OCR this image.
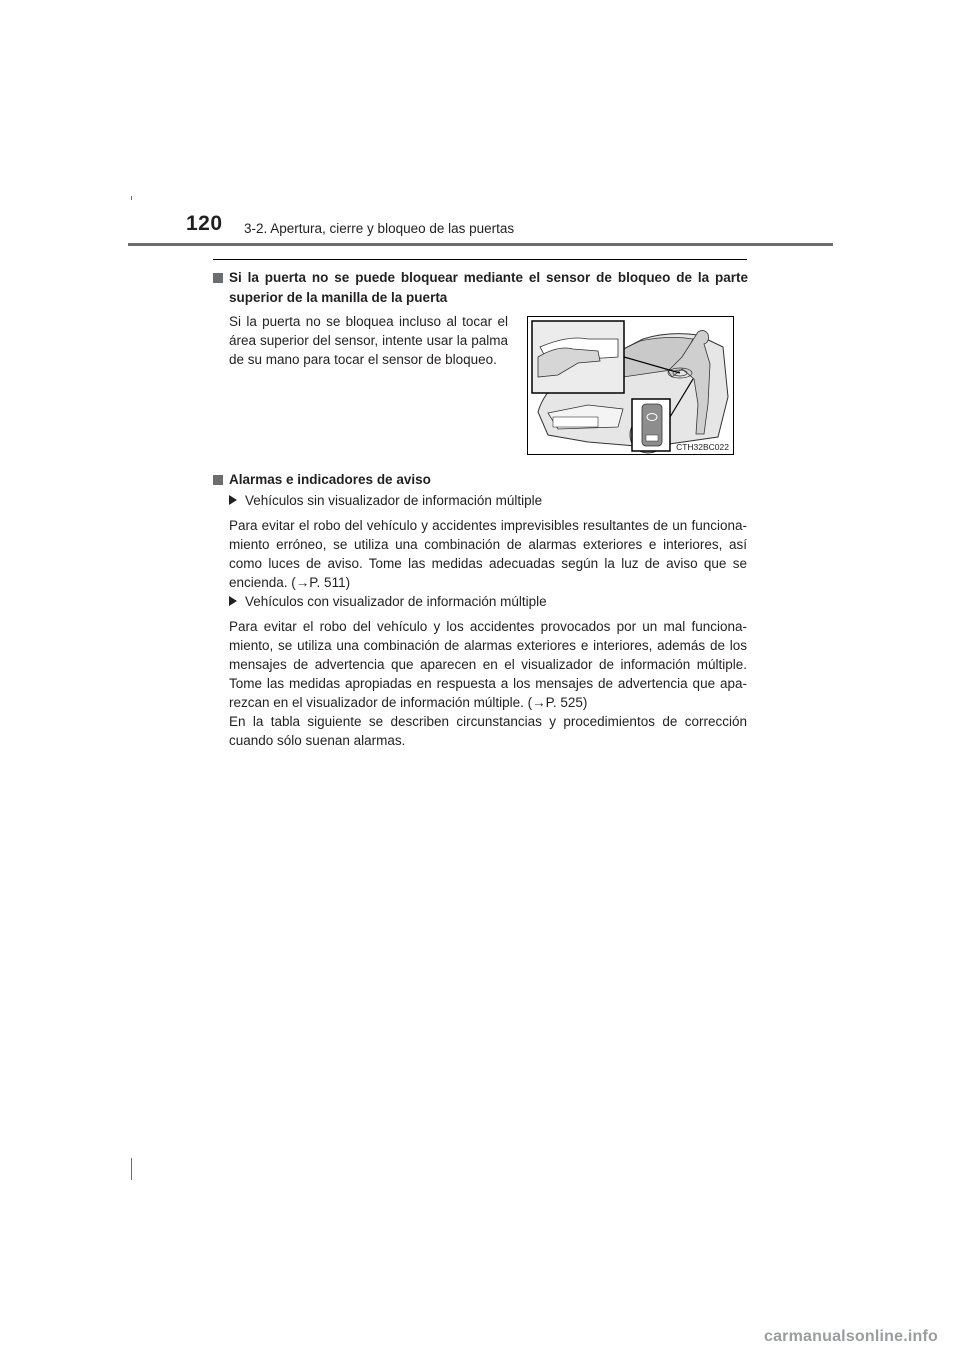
120 3-2. Apertura, cierre y bloqueo de las puertas
Si la puerta no se puede bloquear mediante el sensor de bloqueo de la parte superior de la manilla de la puerta
Si la puerta no se bloquea incluso al tocar el área superior del sensor, intente usar la palma de su mano para tocar el sensor de bloqueo.
CTH32BC022
Alarmas e indicadores de aviso
Vehículos sin visualizador de información múltiple
Para evitar el robo del vehículo y accidentes imprevisibles resultantes de un funciona-miento erróneo, se utiliza una combinación de alarmas exteriores e interiores, así como luces de aviso. Tome las medidas adecuadas según la luz de aviso que se encienda. (→P. 511)
Vehículos con visualizador de información múltiple
Para evitar el robo del vehículo y los accidentes provocados por un mal funciona-miento, se utiliza una combinación de alarmas exteriores e interiores, además de los mensajes de advertencia que aparecen en el visualizador de información múltiple. Tome las medidas apropiadas en respuesta a los mensajes de advertencia que apa-rezcan en el visualizador de información múltiple. (→P. 525)
En la tabla siguiente se describen circunstancias y procedimientos de corrección cuando sólo suenan alarmas.
carmanualsonline.info
